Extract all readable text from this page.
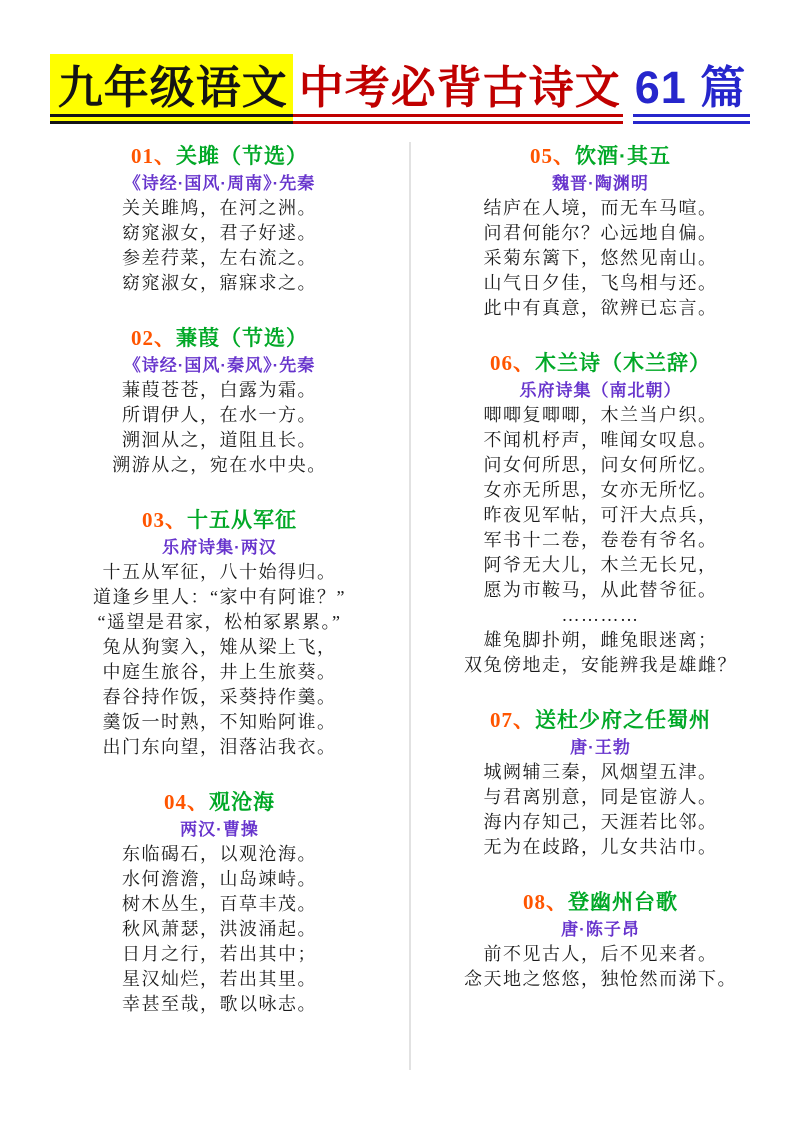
九年级语文 中考必背古诗文 61 篇
01、关雎（节选）
《诗经·国风·周南》·先秦
关关雎鸠，在河之洲。
窈窕淑女，君子好逑。
参差荇菜，左右流之。
窈窕淑女，寤寐求之。
02、蒹葭（节选）
《诗经·国风·秦风》·先秦
蒹葭苍苍，白露为霜。
所谓伊人，在水一方。
溯洄从之，道阻且长。
溯游从之，宛在水中央。
03、十五从军征
乐府诗集·两汉
十五从军征，八十始得归。
道逢乡里人：“家中有阿谁？”
“遥望是君家，松柏冢累累。”
兔从狗窦入，雉从梁上飞，
中庭生旅谷，井上生旅葵。
舂谷持作饭，采葵持作羹。
羹饭一时熟，不知贻阿谁。
出门东向望，泪落沾我衣。
04、观沧海
两汉·曹操
东临碣石，以观沧海。
水何澹澹，山岛竦峙。
树木丛生，百草丰茂。
秋风萧瑟，洪波涌起。
日月之行，若出其中；
星汉灿烂，若出其里。
幸甚至哉，歌以咏志。
05、饮酒·其五
魏晋·陶渊明
结庐在人境，而无车马喧。
问君何能尔？心远地自偏。
采菊东篱下，悠然见南山。
山气日夕佳，飞鸟相与还。
此中有真意，欲辨已忘言。
06、木兰诗（木兰辞）
乐府诗集（南北朝）
唧唧复唧唧，木兰当户织。
不闻机杼声，唯闻女叹息。
问女何所思，问女何所忆。
女亦无所思，女亦无所忆。
昨夜见军帖，可汗大点兵，
军书十二卷，卷卷有爷名。
阿爷无大儿，木兰无长兄，
愿为市鞍马，从此替爷征。
…………
雄兔脚扑朔，雌兔眼迷离；
双兔傍地走，安能辨我是雄雌？
07、送杜少府之任蜀州
唐·王勃
城阙辅三秦，风烟望五津。
与君离别意，同是宦游人。
海内存知己，天涯若比邻。
无为在歧路，儿女共沾巾。
08、登幽州台歌
唐·陈子昂
前不见古人，后不见来者。
念天地之悠悠，独怆然而涕下。
